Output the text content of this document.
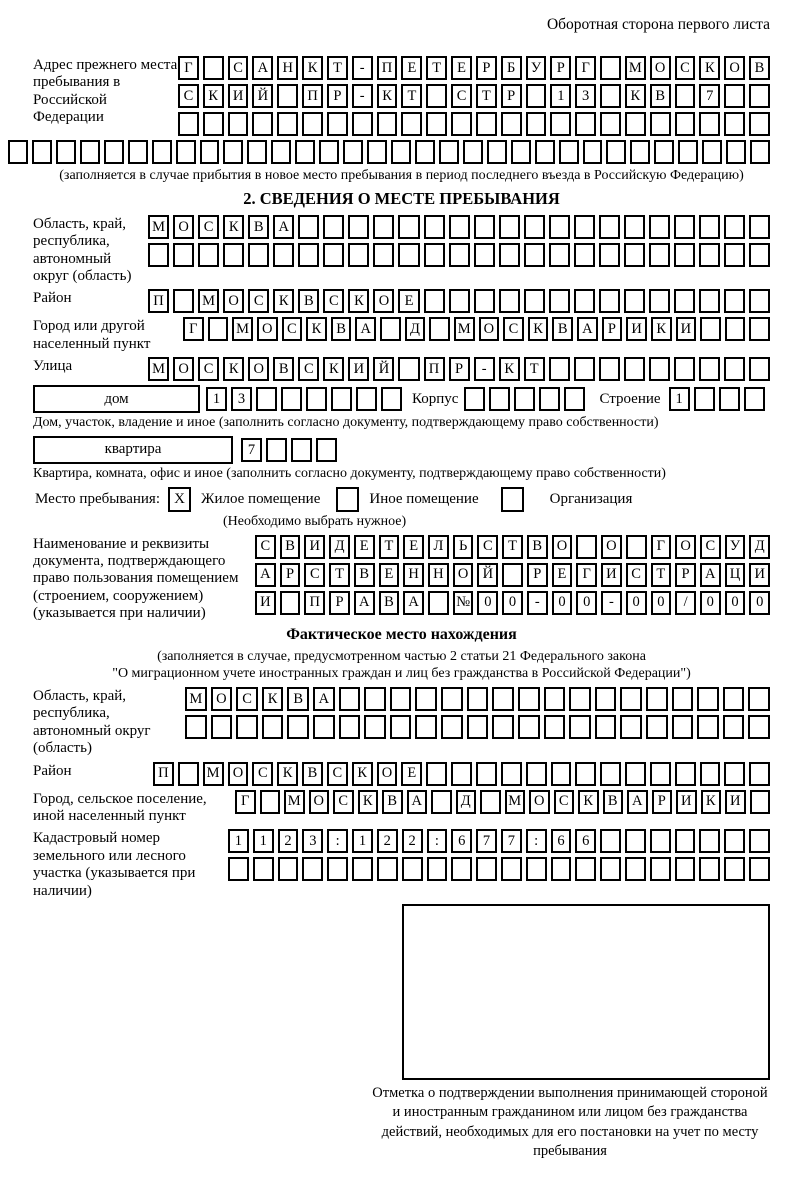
Оборотная сторона первого листа
Адрес прежнего места пребывания в Российской Федерации
Г	С	А Н	К	Т	-	П	Е	Т	Е	Р	Б	У	Р	Г	М О	С	К	О	В
С	К	И Й	П	Р	-	К	Т	С	Т	Р	1	3	К	В	7
(заполняется в случае прибытия в новое место пребывания в период последнего въезда в Российскую Федерацию)
2. СВЕДЕНИЯ О МЕСТЕ ПРЕБЫВАНИЯ
Область, край, республика, автономный округ (область)
М О	С	К	В	А
Район	П	М О	С	К	В	С	К	О	Е
Город или другой населенный пункт
Г	М О	С	К	В	А	Д	М О	С	К	В	А	Р	И	К	И
Улица	М О	С	К	О	В	С	К	И	Й	П	Р	-	К	Т
дом	1	3	Корпус	Строение	1
Дом, участок, владение и иное (заполнить согласно документу, подтверждающему право собственности)
квартира	7
Квартира, комната, офис и иное (заполнить согласно документу, подтверждающему право собственности)
Место пребывания: X	Жилое помещение	Иное помещение	Организация
(Необходимо выбрать нужное)
Наименование и реквизиты документа, подтверждающего право пользования помещением (строением, сооружением) (указывается при наличии)
С	В	И	Д	Е	Т	Е	Л	Ь	С	Т	В	О	О	Г	О	С	У	Д
А	Р	С	Т	В	Е	Н Н О Й	Р	Е	Г	И	С	Т	Р	А Ц И
И	П	Р	А	В	А	№ 0	0	-	0	0	-	0	0	/	0	0	0
Фактическое место нахождения
(заполняется в случае, предусмотренном частью 2 статьи 21 Федерального закона
"О миграционном учете иностранных граждан и лиц без гражданства в Российской Федерации")
Область, край, республика, автономный округ (область)
М О	С	К	В	А
Район	П	М О	С	К	В	С	К	О	Е
Город, сельское поселение, иной населенный пункт
Г	М О С	К	В А	Д	М О С	К	В А	Р	И К И
Кадастровый номер земельного или лесного участка (указывается при наличии)
1	1	2	3	:	1	2	2	:	6	7	7	:	6	6
Отметка о подтверждении выполнения принимающей стороной и иностранным гражданином или лицом без гражданства действий, необходимых для его постановки на учет по месту пребывания
